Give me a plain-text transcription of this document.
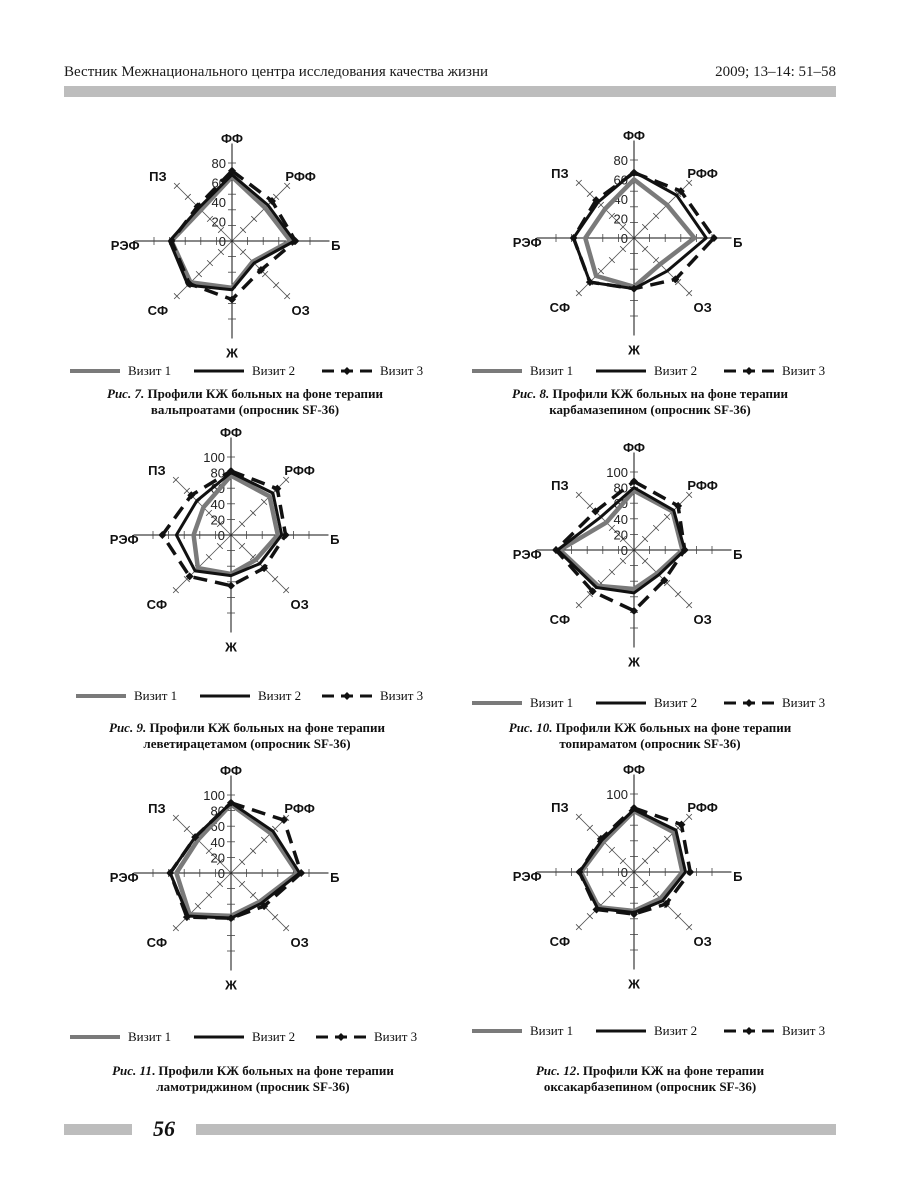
Вестник Межнационального центра исследования качества жизни	2009; 13–14: 51–58
80
60
40
20
0
ФФ
РФФ
Б
ОЗ
Ж
СФ
РЭФ
ПЗ
Визит 1	Визит 2	Визит 3
Рис. 7. Профили КЖ больных на фоне терапии
вальпроатами (опросник SF-36)
80
60
40
20
0
ФФ
РФФ
Б
ОЗ
Ж
СФ
РЭФ
ПЗ
Визит 1	Визит 2	Визит 3
Рис. 8. Профили КЖ больных на фоне терапии
карбамазепином (опросник SF-36)
100
80
60
40
20
0
ФФ
РФФ
Б
ОЗ
Ж
СФ
РЭФ
ПЗ
Визит 1	Визит 2	Визит 3
Рис. 9. Профили КЖ больных на фоне терапии
леветирацетамом (опросник SF-36)
100
80
60
40
20
0
ФФ
РФФ
Б
ОЗ
Ж
СФ
РЭФ
ПЗ
Визит 1	Визит 2	Визит 3
Рис. 10. Профили КЖ больных на фоне терапии
топираматом (опросник SF-36)
100
80
60
40
20
0
ФФ
РФФ
Б
ОЗ
Ж
СФ
РЭФ
ПЗ
Визит 1	Визит 2	Визит 3
Рис. 11. Профили КЖ больных на фоне терапии
ламотриджином (просник SF-36)
100
0
ФФ
РФФ
Б
ОЗ
Ж
СФ
РЭФ
ПЗ
Визит 1	Визит 2	Визит 3
Рис. 12. Профили КЖ на фоне терапии
оксакарбазепином (опросник SF-36)
56
